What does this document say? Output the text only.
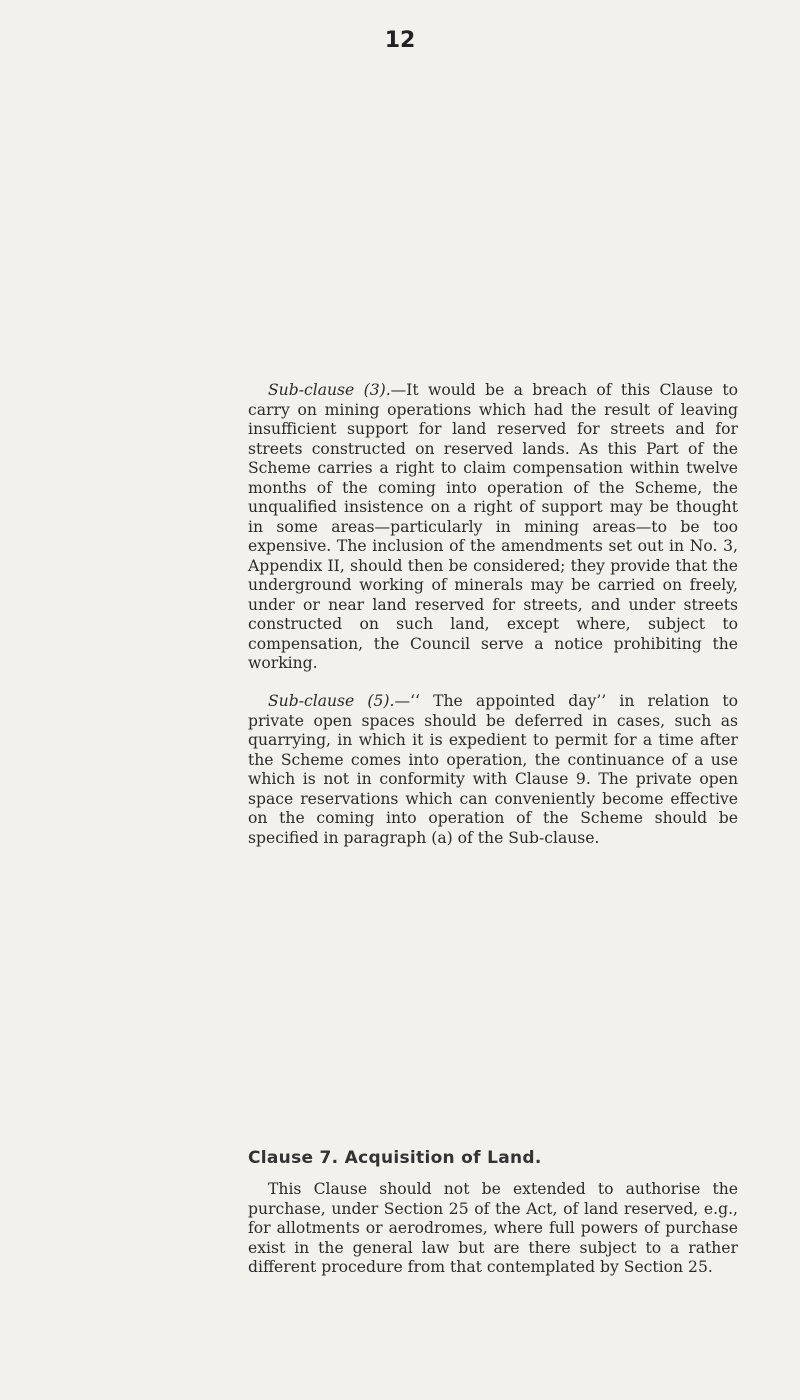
12

Sub-clause (3).—It would be a breach of this Clause to carry on mining operations which had the result of leaving insufficient support for land reserved for streets and for streets constructed on reserved lands. As this Part of the Scheme carries a right to claim compensation within twelve months of the coming into operation of the Scheme, the unqualified insistence on a right of support may be thought in some areas—particularly in mining areas—to be too expensive. The inclusion of the amendments set out in No. 3, Appendix II, should then be considered; they provide that the underground working of minerals may be carried on freely, under or near land reserved for streets, and under streets constructed on such land, except where, subject to compensation, the Council serve a notice prohibiting the working.

Sub-clause (5).—‘‘ The appointed day’’ in relation to private open spaces should be deferred in cases, such as quarrying, in which it is expedient to permit for a time after the Scheme comes into operation, the continuance of a use which is not in conformity with Clause 9. The private open space reservations which can conveniently become effective on the coming into operation of the Scheme should be specified in paragraph (a) of the Sub-clause.

Clause 7. Acquisition of Land.

This Clause should not be extended to authorise the purchase, under Section 25 of the Act, of land reserved, e.g., for allotments or aerodromes, where full powers of purchase exist in the general law but are there subject to a rather different procedure from that contemplated by Section 25.
